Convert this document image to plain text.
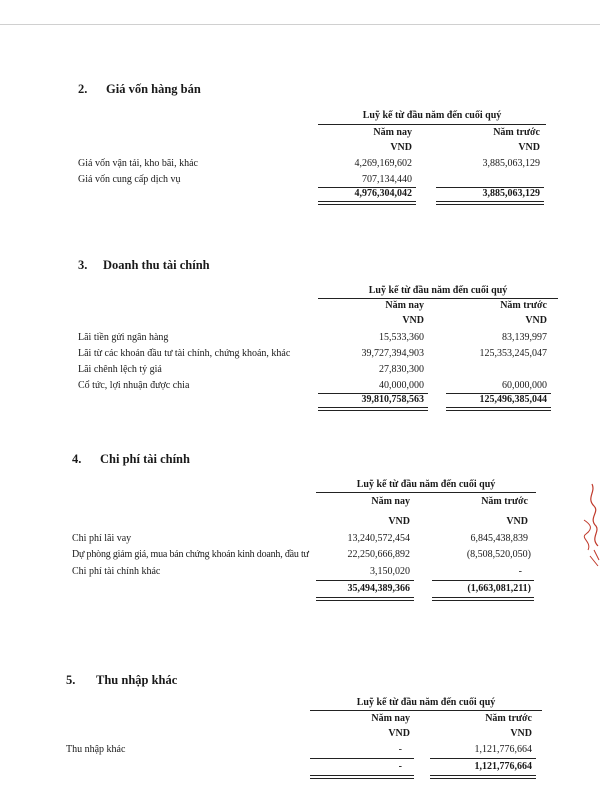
2. Giá vốn hàng bán
Luỹ kế từ đầu năm đến cuối quý
Năm nay	Năm trước
VND	VND
Giá vốn vận tải, kho bãi, khác	4,269,169,602	3,885,063,129
Giá vốn cung cấp dịch vụ	707,134,440
4,976,304,042	3,885,063,129
3. Doanh thu tài chính
Luỹ kế từ đầu năm đến cuối quý
Năm nay	Năm trước
VND	VND
Lãi tiền gửi ngân hàng	15,533,360	83,139,997
Lãi từ các khoản đầu tư tài chính, chứng khoán, khác	39,727,394,903	125,353,245,047
Lãi chênh lệch tỷ giá	27,830,300
Cổ tức, lợi nhuận được chia	40,000,000	60,000,000
39,810,758,563	125,496,385,044
4. Chi phí tài chính
Luỹ kế từ đầu năm đến cuối quý
Năm nay	Năm trước
VND	VND
Chi phí lãi vay	13,240,572,454	6,845,438,839
Dự phòng giảm giá, mua bán chứng khoán kinh doanh, đầu tư	22,250,666,892	(8,508,520,050)
Chi phí tài chính khác	3,150,020	-
35,494,389,366	(1,663,081,211)
5. Thu nhập khác
Luỹ kế từ đầu năm đến cuối quý
Năm nay	Năm trước
VND	VND
Thu nhập khác	-	1,121,776,664
-	1,121,776,664
